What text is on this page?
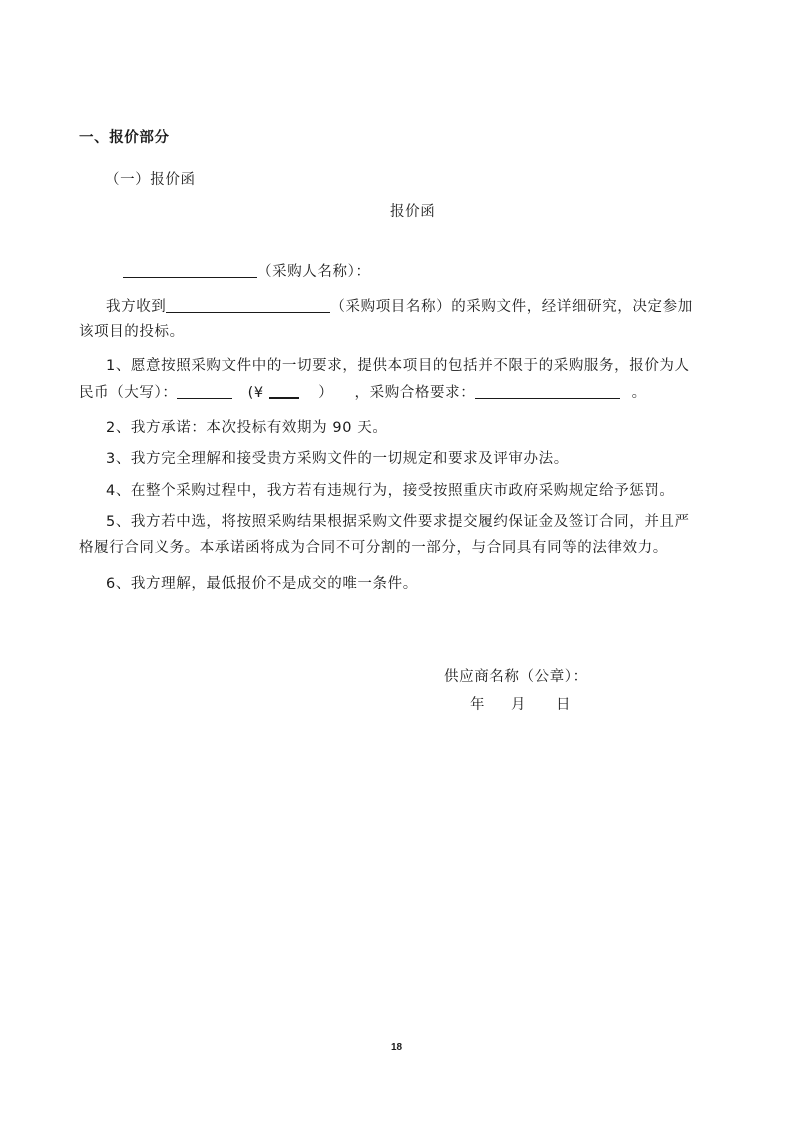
一、报价部分
（一）报价函
报价函
（采购人名称）：
我方收到	（采购项目名称）的采购文件，经详细研究，决定参加
该项目的投标。
1、愿意按照采购文件中的一切要求，提供本项目的包括并不限于的采购服务，报价为人
民币（大写）：	(¥	） ，采购合格要求：	。
2、我方承诺：本次投标有效期为 90 天。
3、我方完全理解和接受贵方采购文件的一切规定和要求及评审办法。
4、在整个采购过程中，我方若有违规行为，接受按照重庆市政府采购规定给予惩罚。
5、我方若中选，将按照采购结果根据采购文件要求提交履约保证金及签订合同，并且严
格履行合同义务。本承诺函将成为合同不可分割的一部分，与合同具有同等的法律效力。
6、我方理解，最低报价不是成交的唯一条件。
供应商名称（公章）：
年 月 日
18
